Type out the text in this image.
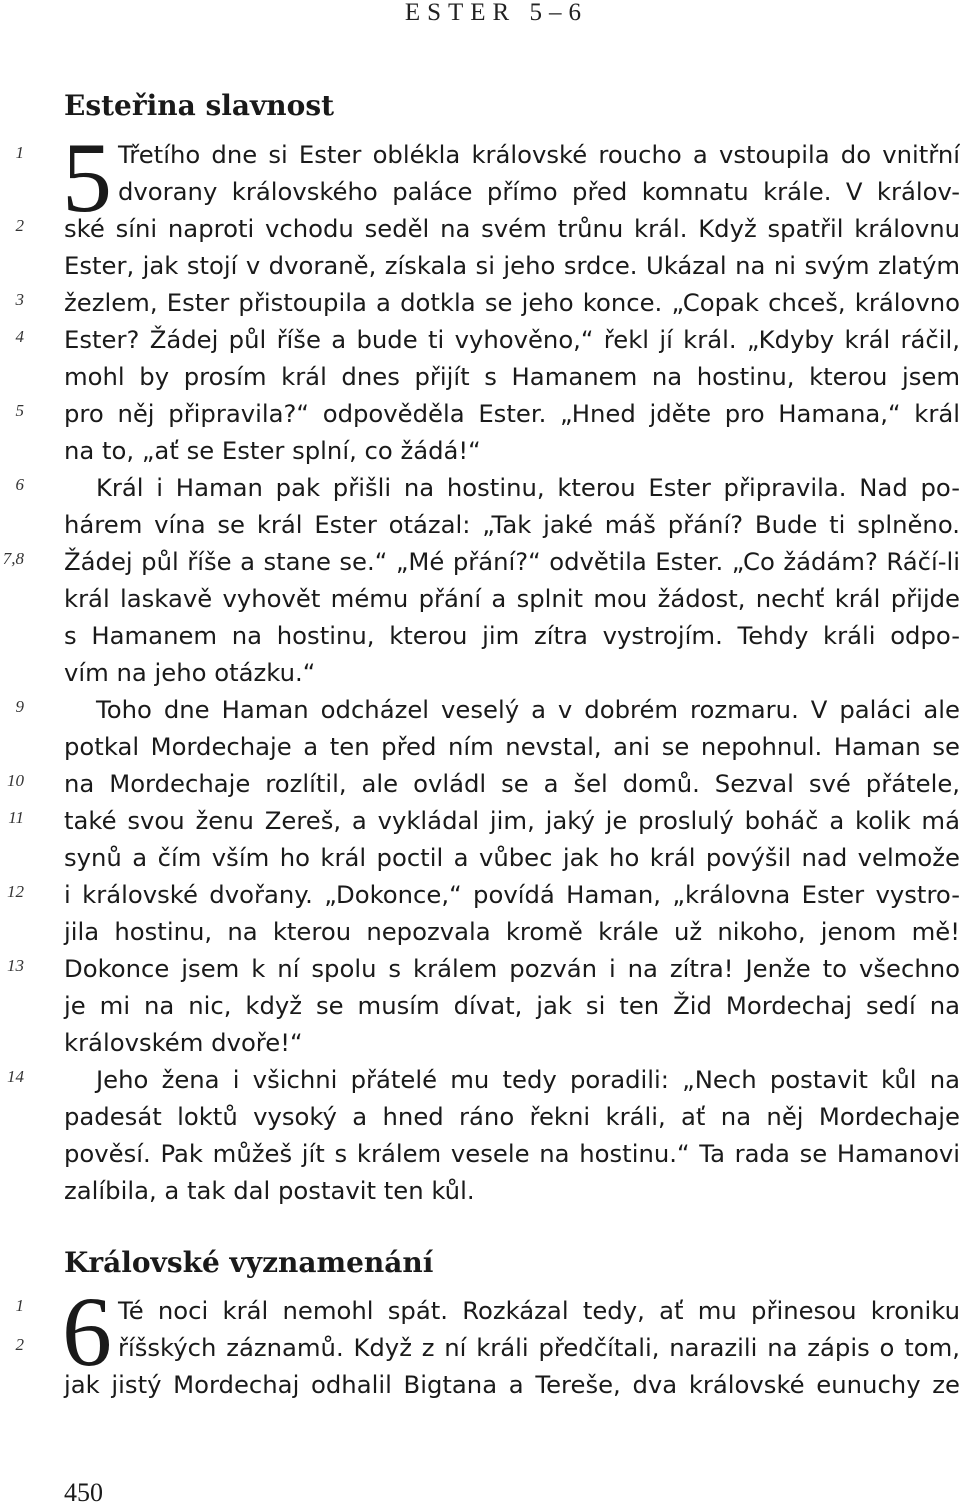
ESTER 5–6
Esteřina slavnost
5
1
2
3
4
5
6
7,8
9
10
11
12
13
14
1
2
Třetího dne si Ester oblékla královské roucho a vstoupila do vnitřní
dvorany královského paláce přímo před komnatu krále. V králov-
ské síni naproti vchodu seděl na svém trůnu král. Když spatřil královnu
Ester, jak stojí v dvoraně, získala si jeho srdce. Ukázal na ni svým zlatým
žezlem, Ester přistoupila a dotkla se jeho konce. „Copak chceš, královno
Ester? Žádej půl říše a bude ti vyhověno,“ řekl jí král. „Kdyby král ráčil,
mohl by prosím král dnes přijít s Hamanem na hostinu, kterou jsem
pro něj připravila?“ odpověděla Ester. „Hned jděte pro Hamana,“ král
na to, „ať se Ester splní, co žádá!“
Král i Haman pak přišli na hostinu, kterou Ester připravila. Nad po-
hárem vína se král Ester otázal: „Tak jaké máš přání? Bude ti splněno.
Žádej půl říše a stane se.“ „Mé přání?“ odvětila Ester. „Co žádám? Ráčí-li
král laskavě vyhovět mému přání a splnit mou žádost, nechť král přijde
s Hamanem na hostinu, kterou jim zítra vystrojím. Tehdy králi odpo-
vím na jeho otázku.“
Toho dne Haman odcházel veselý a v dobrém rozmaru. V paláci ale
potkal Mordechaje a ten před ním nevstal, ani se nepohnul. Haman se
na Mordechaje rozlítil, ale ovládl se a šel domů. Sezval své přátele,
také svou ženu Zereš, a vykládal jim, jaký je proslulý boháč a kolik má
synů a čím vším ho král poctil a vůbec jak ho král povýšil nad velmože
i královské dvořany. „Dokonce,“ povídá Haman, „královna Ester vystro-
jila hostinu, na kterou nepozvala kromě krále už nikoho, jenom mě!
Dokonce jsem k ní spolu s králem pozván i na zítra! Jenže to všechno
je mi na nic, když se musím dívat, jak si ten Žid Mordechaj sedí na
královském dvoře!“
Jeho žena i všichni přátelé mu tedy poradili: „Nech postavit kůl na
padesát loktů vysoký a hned ráno řekni králi, ať na něj Mordechaje
pověsí. Pak můžeš jít s králem vesele na hostinu.“ Ta rada se Hamanovi
zalíbila, a tak dal postavit ten kůl.
Královské vyznamenání
6 Té noci král nemohl spát. Rozkázal tedy, ať mu přinesou kroniku
říšských záznamů. Když z ní králi předčítali, narazili na zápis o tom,
jak jistý Mordechaj odhalil Bigtana a Tereše, dva královské eunuchy ze
450
